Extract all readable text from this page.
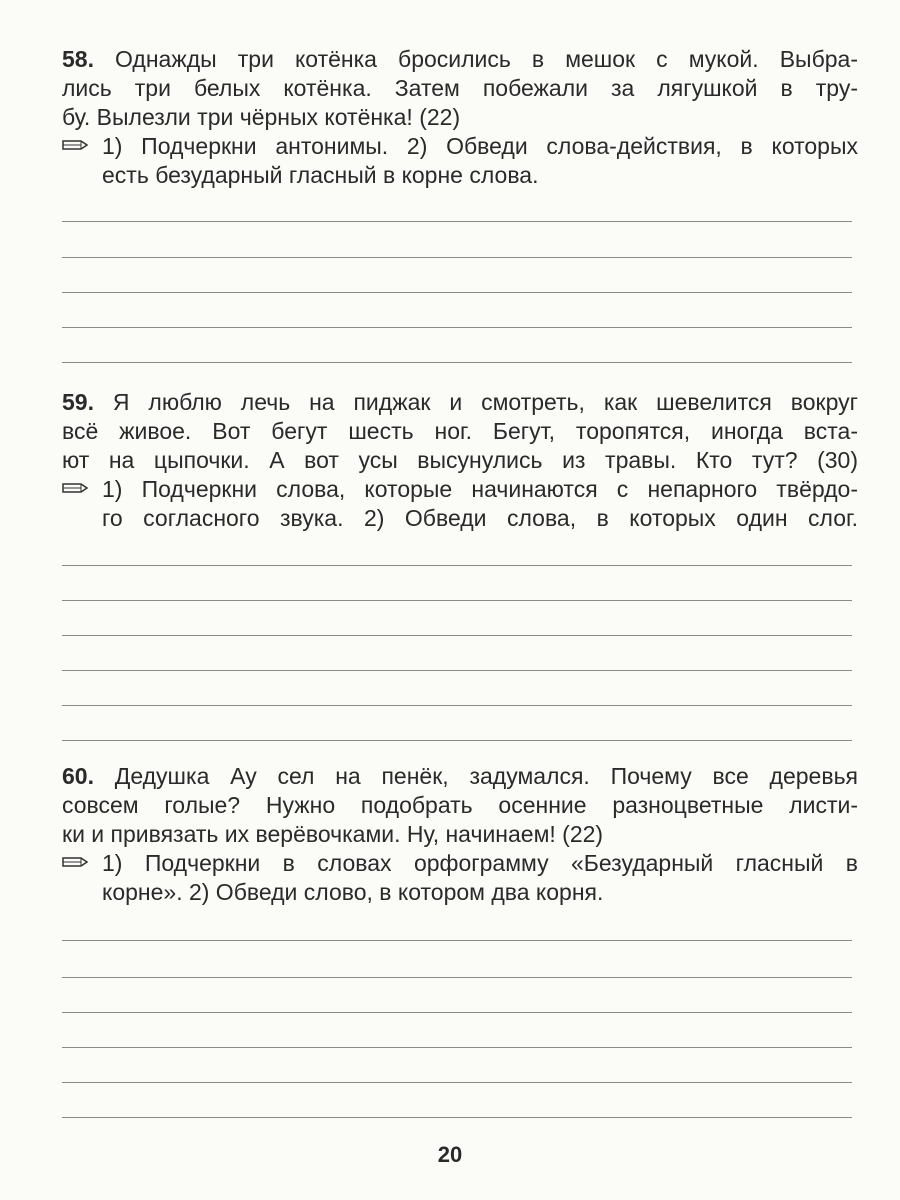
58. Однажды три котёнка бросились в мешок с мукой. Выбра-
лись три белых котёнка. Затем побежали за лягушкой в тру-
бу. Вылезли три чёрных котёнка! (22)
1) Подчеркни антонимы. 2) Обведи слова-действия, в которых
есть безударный гласный в корне слова.
59. Я люблю лечь на пиджак и смотреть, как шевелится вокруг
всё живое. Вот бегут шесть ног. Бегут, торопятся, иногда вста-
ют на цыпочки. А вот усы высунулись из травы. Кто тут? (30)
1) Подчеркни слова, которые начинаются с непарного твёрдо-
го согласного звука. 2) Обведи слова, в которых один слог.
60. Дедушка Ау сел на пенёк, задумался. Почему все деревья
совсем голые? Нужно подобрать осенние разноцветные листи-
ки и привязать их верёвочками. Ну, начинаем! (22)
1) Подчеркни в словах орфограмму «Безударный гласный в
корне». 2) Обведи слово, в котором два корня.
20
